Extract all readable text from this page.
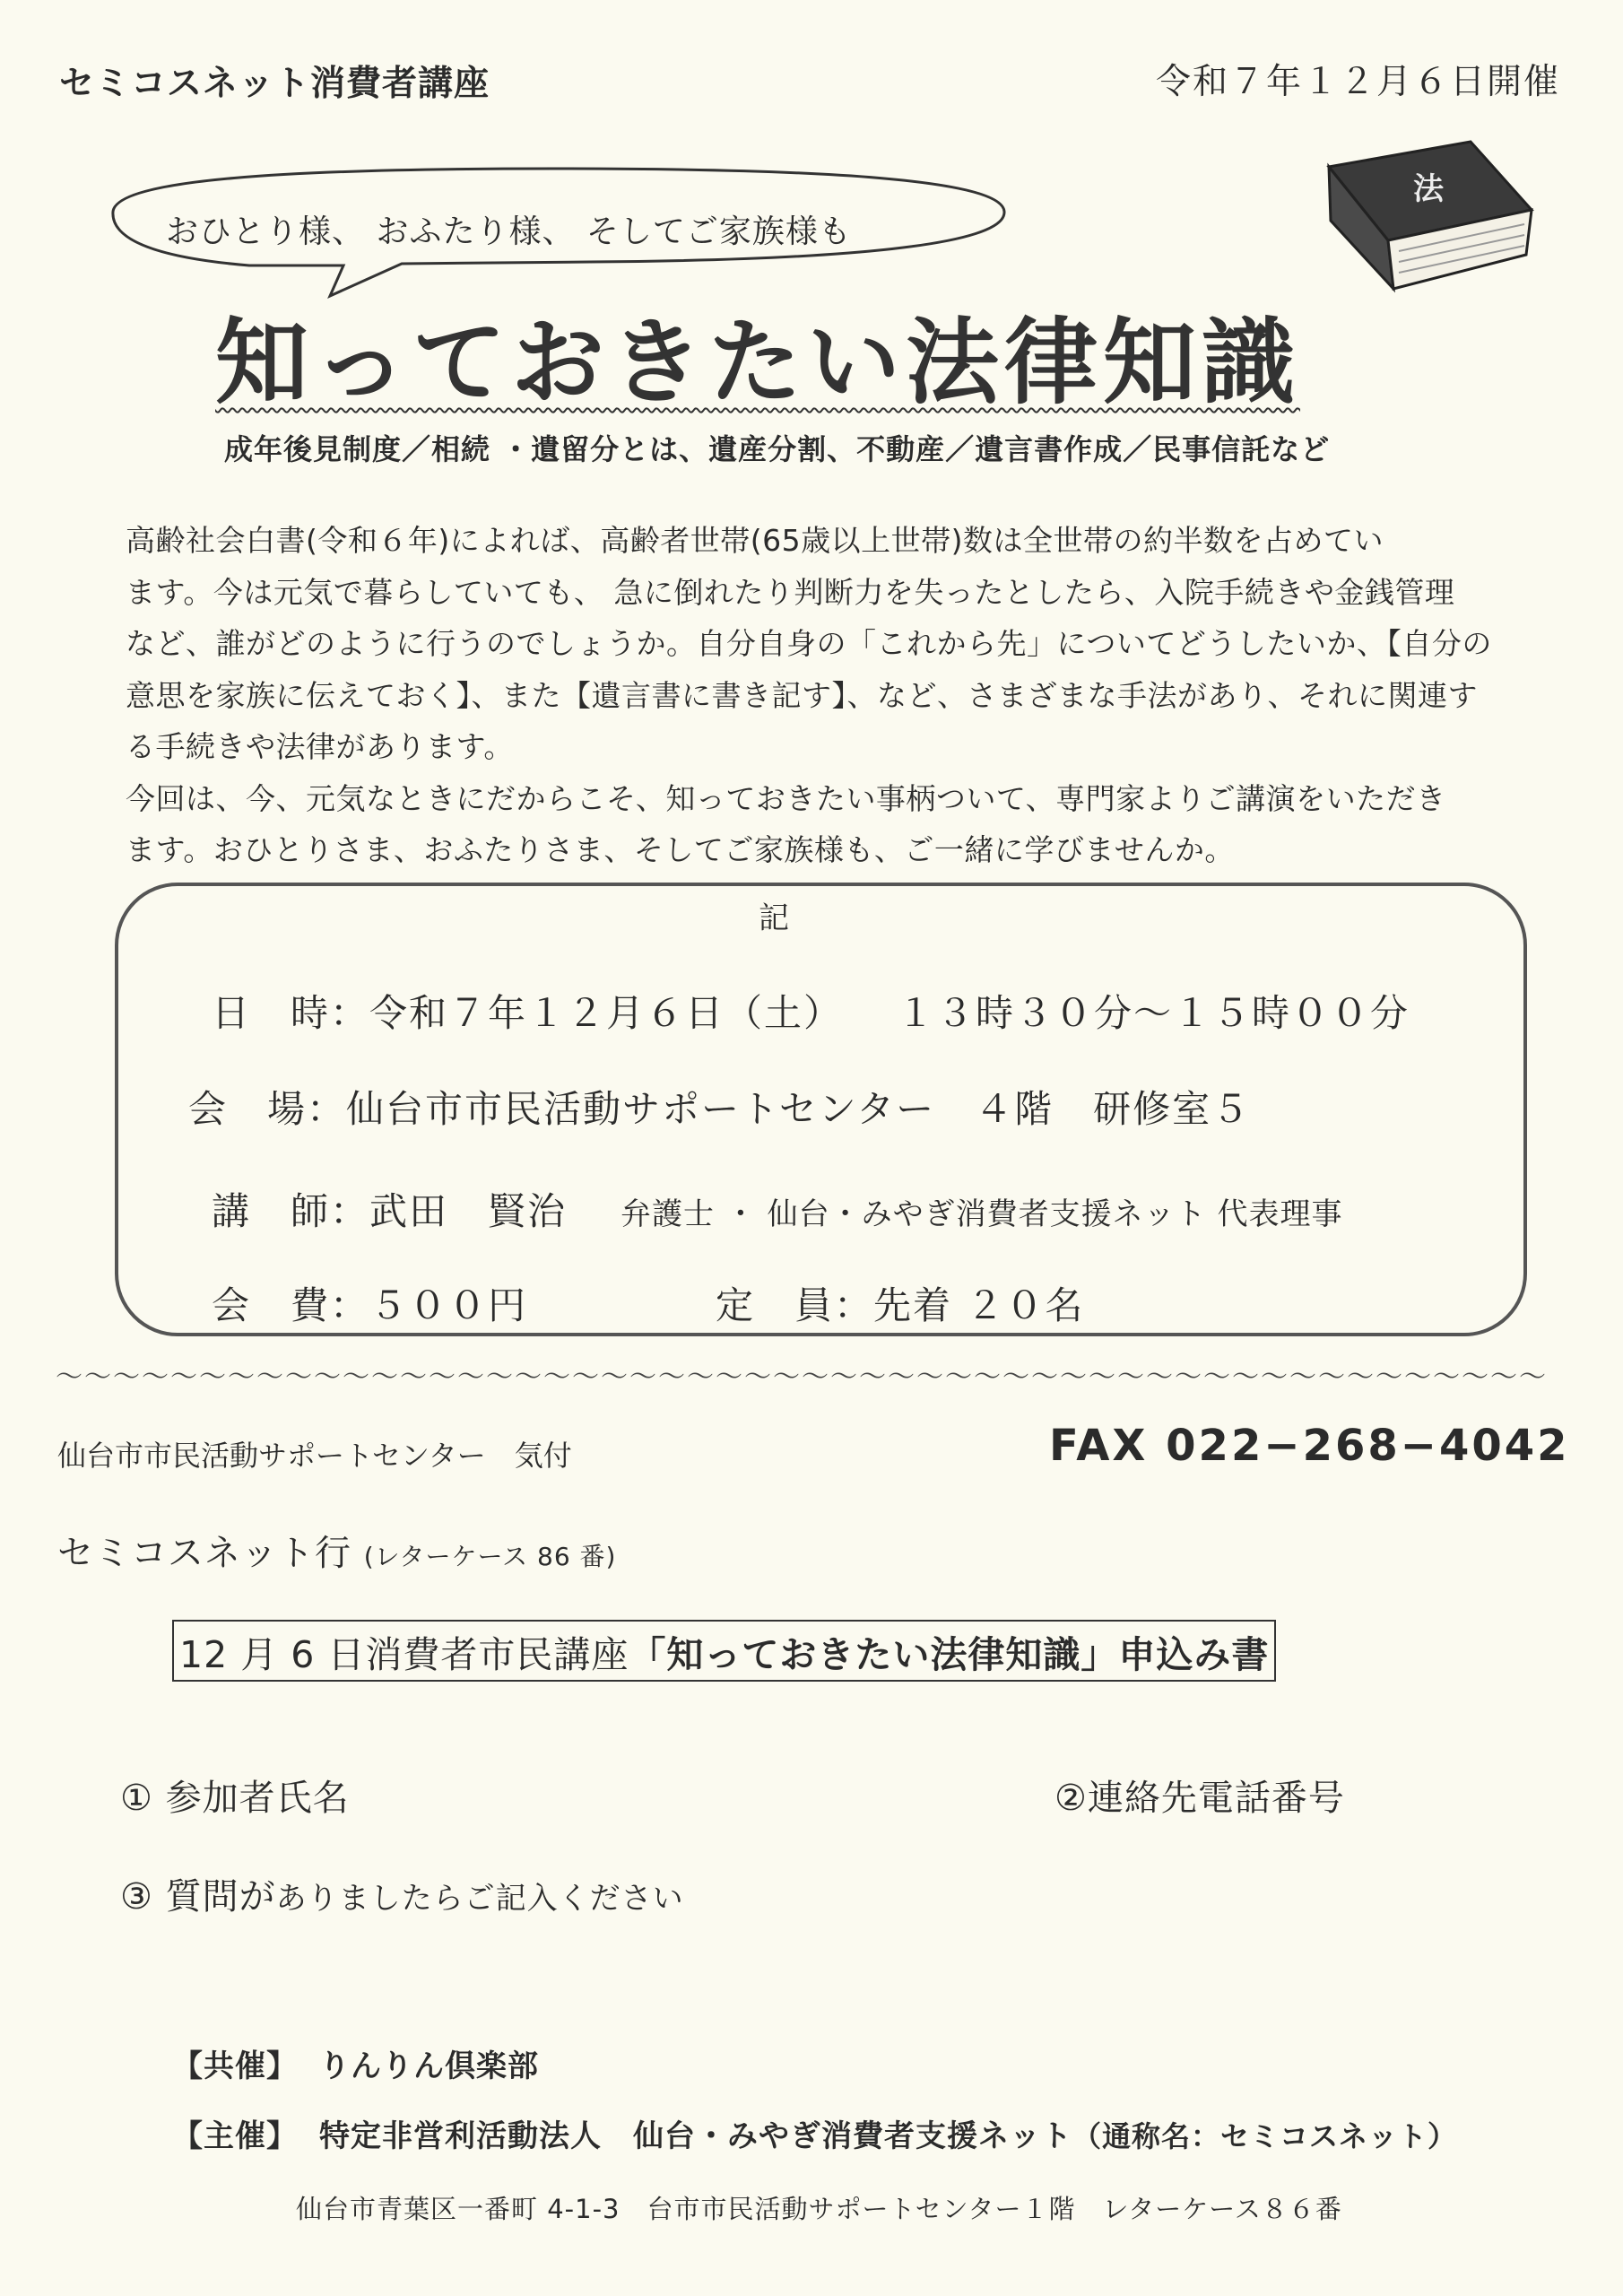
セミコスネット消費者講座	令和７年１２月６日開催
おひとり様、 おふたり様、 そしてご家族様も
法
知っておきたい法律知識
成年後見制度／相続 ・遺留分とは、遺産分割、不動産／遺言書作成／民事信託など

高齢社会白書(令和６年)によれば、高齢者世帯(65歳以上世帯)数は全世帯の約半数を占めてい

ます。今は元気で暮らしていても、 急に倒れたり判断力を失ったとしたら、入院手続きや金銭管理

など、誰がどのように行うのでしょうか。自分自身の「これから先」についてどうしたいか、【自分の

意思を家族に伝えておく】、また【遺言書に書き記す】、など、さまざまな手法があり、それに関連す

る手続きや法律があります。

今回は、今、元気なときにだからこそ、知っておきたい事柄ついて、専門家よりご講演をいただき

ます。おひとりさま、おふたりさま、そしてご家族様も、ご一緒に学びませんか。

記
日　時：令和７年１２月６日（土） １３時３０分～１５時００分
会　場：仙台市市民活動サポートセンター　４階　研修室５
講　師：武田　賢治 弁護士 ・ 仙台・みやぎ消費者支援ネット 代表理事
会　費：５００円	定　員：先着 ２０名
～～～～～～～～～～～～～～～～～～～～～～～～～～～～～～～～～～～～～～～～～～～～～～～～～～～～
仙台市市民活動サポートセンター　気付	FAX 022−268−4042
セミコスネット行 (レターケース 86 番)
12 月 6 日消費者市民講座「知っておきたい法律知識」申込み書
① 参加者氏名	②連絡先電話番号
③ 質問がありましたらご記入ください
【共催】 りんりん倶楽部
【主催】 特定非営利活動法人　仙台・みやぎ消費者支援ネット（通称名：セミコスネット）
仙台市青葉区一番町 4-1-3　台市市民活動サポートセンター１階　レターケース８６番
